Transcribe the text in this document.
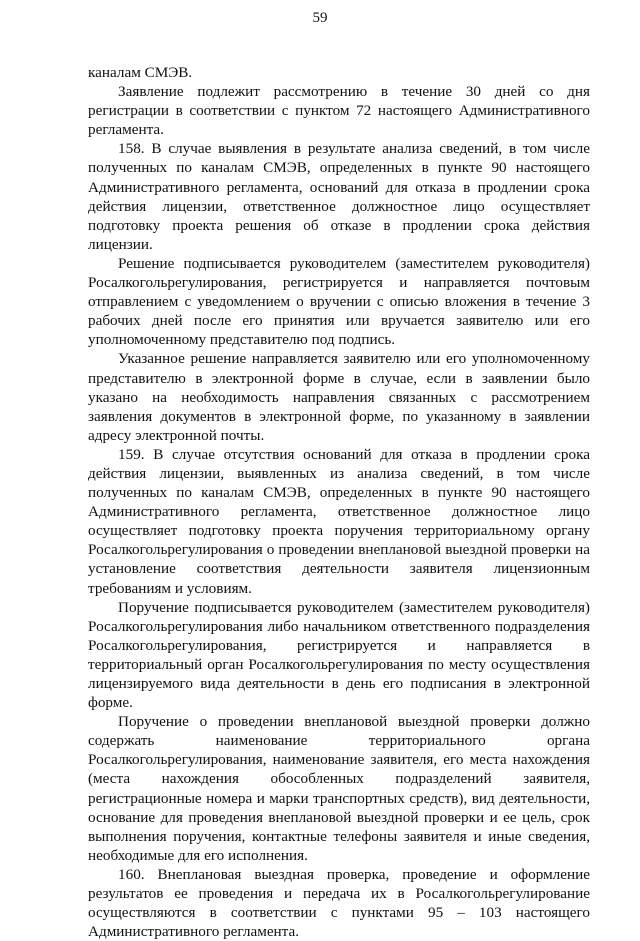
59

каналам СМЭВ.

Заявление подлежит рассмотрению в течение 30 дней со дня регистрации в соответствии с пунктом 72 настоящего Административного регламента.

158. В случае выявления в результате анализа сведений, в том числе полученных по каналам СМЭВ, определенных в пункте 90 настоящего Административного регламента, оснований для отказа в продлении срока действия лицензии, ответственное должностное лицо осуществляет подготовку проекта решения об отказе в продлении срока действия лицензии.

Решение подписывается руководителем (заместителем руководителя) Росалкогольрегулирования, регистрируется и направляется почтовым отправлением с уведомлением о вручении с описью вложения в течение 3 рабочих дней после его принятия или вручается заявителю или его уполномоченному представителю под подпись.

Указанное решение направляется заявителю или его уполномоченному представителю в электронной форме в случае, если в заявлении было указано на необходимость направления связанных с рассмотрением заявления документов в электронной форме, по указанному в заявлении адресу электронной почты.

159. В случае отсутствия оснований для отказа в продлении срока действия лицензии, выявленных из анализа сведений, в том числе полученных по каналам СМЭВ, определенных в пункте 90 настоящего Административного регламента, ответственное должностное лицо осуществляет подготовку проекта поручения территориальному органу Росалкогольрегулирования о проведении внеплановой выездной проверки на установление соответствия деятельности заявителя лицензионным требованиям и условиям.

Поручение подписывается руководителем (заместителем руководителя) Росалкогольрегулирования либо начальником ответственного подразделения Росалкогольрегулирования, регистрируется и направляется в территориальный орган Росалкогольрегулирования по месту осуществления лицензируемого вида деятельности в день его подписания в электронной форме.

Поручение о проведении внеплановой выездной проверки должно содержать наименование территориального органа Росалкогольрегулирования, наименование заявителя, его места нахождения (места нахождения обособленных подразделений заявителя, регистрационные номера и марки транспортных средств), вид деятельности, основание для проведения внеплановой выездной проверки и ее цель, срок выполнения поручения, контактные телефоны заявителя и иные сведения, необходимые для его исполнения.

160. Внеплановая выездная проверка, проведение и оформление результатов ее проведения и передача их в Росалкогольрегулирование осуществляются в соответствии с пунктами 95 – 103 настоящего Административного регламента.
